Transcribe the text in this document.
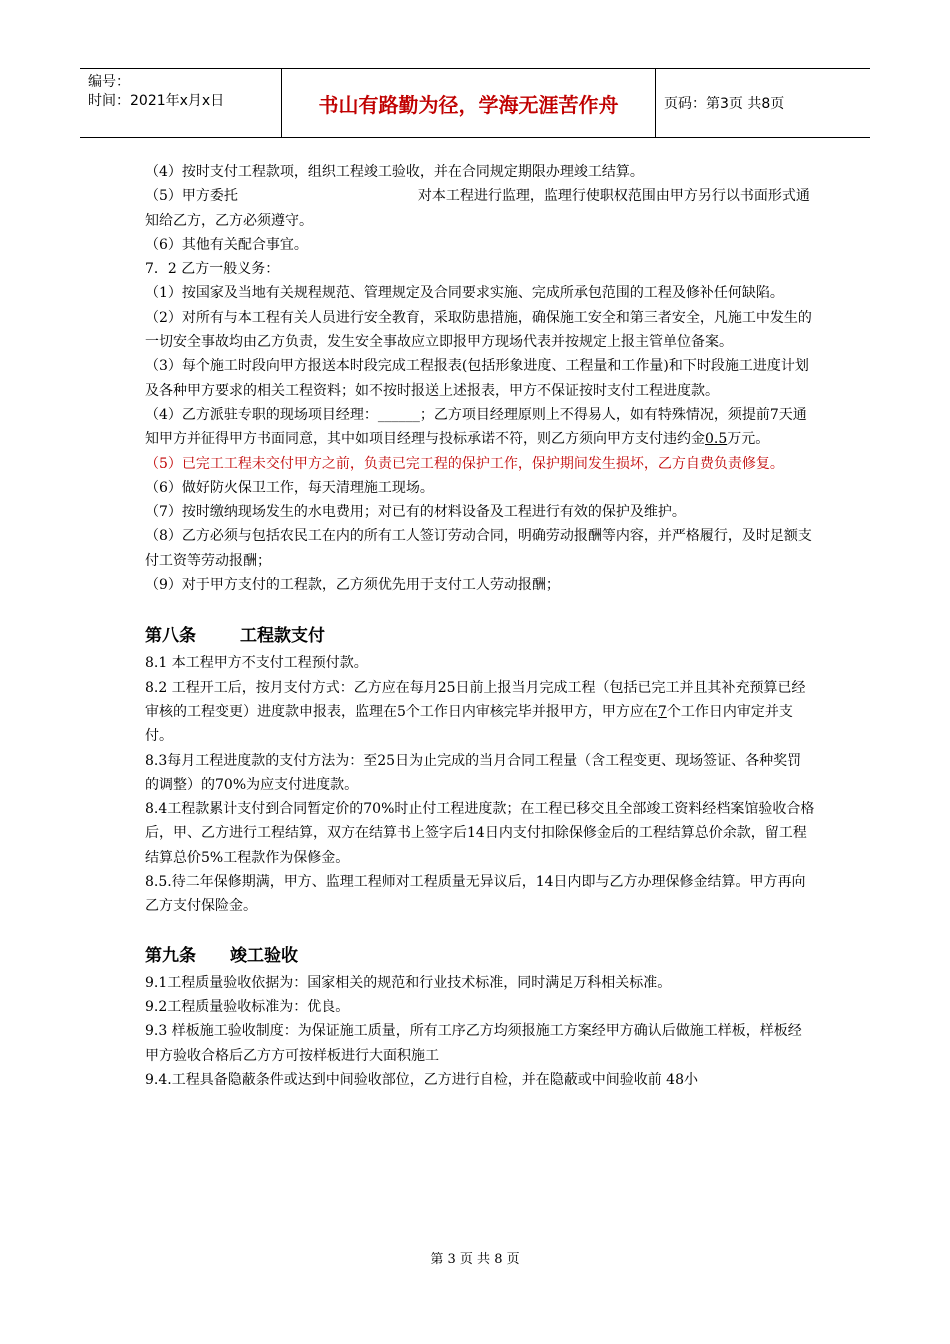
编号：
时间：2021年x月x日	书山有路勤为径，学海无涯苦作舟	页码：第3页 共8页

（4）按时支付工程款项，组织工程竣工验收，并在合同规定期限办理竣工结算。

（5）甲方委托	对本工程进行监理，监理行使职权范围由甲方另行以书面形式通知给乙方，乙方必须遵守。

（6）其他有关配合事宜。

7．2 乙方一般义务：

（1）按国家及当地有关规程规范、管理规定及合同要求实施、完成所承包范围的工程及修补任何缺陷。

（2）对所有与本工程有关人员进行安全教育，采取防患措施，确保施工安全和第三者安全，凡施工中发生的一切安全事故均由乙方负责，发生安全事故应立即报甲方现场代表并按规定上报主管单位备案。

（3）每个施工时段向甲方报送本时段完成工程报表(包括形象进度、工程量和工作量)和下时段施工进度计划及各种甲方要求的相关工程资料；如不按时报送上述报表，甲方不保证按时支付工程进度款。

（4）乙方派驻专职的现场项目经理：______；乙方项目经理原则上不得易人，如有特殊情况，须提前7天通知甲方并征得甲方书面同意，其中如项目经理与投标承诺不符，则乙方须向甲方支付违约金0.5万元。

（5）已完工工程未交付甲方之前，负责已完工程的保护工作，保护期间发生损坏，乙方自费负责修复。

（6）做好防火保卫工作，每天清理施工现场。

（7）按时缴纳现场发生的水电费用；对已有的材料设备及工程进行有效的保护及维护。

（8）乙方必须与包括农民工在内的所有工人签订劳动合同，明确劳动报酬等内容，并严格履行，及时足额支付工资等劳动报酬；

（9）对于甲方支付的工程款，乙方须优先用于支付工人劳动报酬；

第八条	工程款支付

8.1 本工程甲方不支付工程预付款。

8.2 工程开工后，按月支付方式：乙方应在每月25日前上报当月完成工程（包括已完工并且其补充预算已经审核的工程变更）进度款申报表，监理在5个工作日内审核完毕并报甲方，甲方应在7个工作日内审定并支付。

8.3每月工程进度款的支付方法为：至25日为止完成的当月合同工程量（含工程变更、现场签证、各种奖罚的调整）的70%为应支付进度款。

8.4工程款累计支付到合同暂定价的70%时止付工程进度款；在工程已移交且全部竣工资料经档案馆验收合格后，甲、乙方进行工程结算，双方在结算书上签字后14日内支付扣除保修金后的工程结算总价余款，留工程结算总价5%工程款作为保修金。

8.5.待二年保修期满，甲方、监理工程师对工程质量无异议后，14日内即与乙方办理保修金结算。甲方再向乙方支付保险金。

第九条 竣工验收

9.1工程质量验收依据为：国家相关的规范和行业技术标准，同时满足万科相关标准。

9.2工程质量验收标准为：优良。

9.3 样板施工验收制度：为保证施工质量，所有工序乙方均须报施工方案经甲方确认后做施工样板，样板经甲方验收合格后乙方方可按样板进行大面积施工

9.4.工程具备隐蔽条件或达到中间验收部位，乙方进行自检，并在隐蔽或中间验收前 48小

第 3 页 共 8 页
